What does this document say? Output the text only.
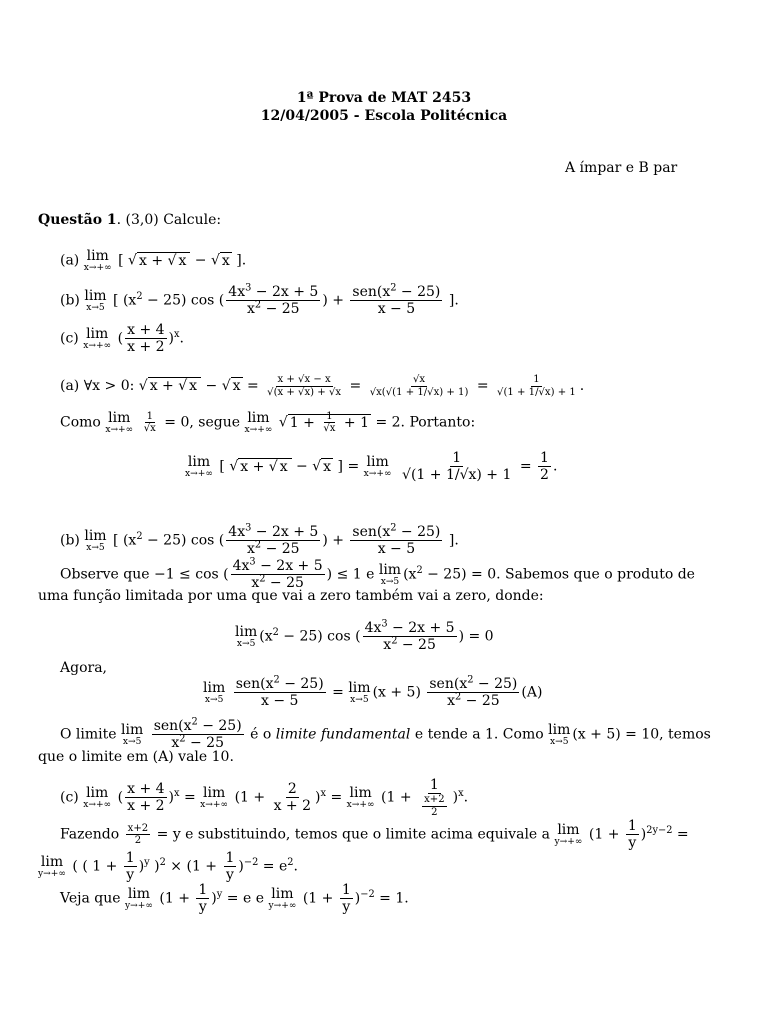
1ª Prova de MAT 2453
12/04/2005 - Escola Politécnica
A ímpar e B par
Questão 1. (3,0) Calcule:
(a) lim
x→+∞ [ √ x + √ x − √ x ].
(b) lim
x→5 [ $(x^2 - 25)$ cos ( $\frac{4x^3 - 2x + 5}{x^2 - 25}$ ) + $\frac{sen(x^2 - 25)}{x - 5}$ ].
(c) lim
x→+∞ ( $\frac{x + 4}{x + 2} )^x$.
(a) ∀x > 0: √ x + √ x − √ $x = \frac{x + √x - x}{√(x + √x) + √x} = \frac{√x}{√x(√(1 + 1/√x) + 1)} = \frac{1}{√(1 + 1/√x) + 1}$ .
Como lim
x→+∞
$\frac{1}{√x} = 0$, segue lim
x→+∞ √ $1 + \frac{1}{√x} + 1 = 2$. Portanto:
lim
x→+∞ [ √ x + √ x − √ x ] = lim
x→+∞
$\frac{1}{√(1 + 1/√x) + 1} = \frac{1}{2}$ .
(b) lim
x→5 [ $(x^2 - 25)$ cos ( $\frac{4x^3 - 2x + 5}{x^2 - 25}$ ) + $\frac{sen(x^2 - 25)}{x - 5}$ ].
Observe que −1 ≤ cos ( $\frac{4x^3 - 2x + 5}{x^2 - 25}$ ) ≤ 1 e lim
x→5 $(x^2 - 25) = 0$. Sabemos que o produto de
uma função limitada por uma que vai a zero também vai a zero, donde:
lim
x→5 $(x^2 - 25)$ cos ( $\frac{4x^3 - 2x + 5}{x^2 - 25}$ ) = 0
Agora,
lim
x→5
$\frac{sen(x^2 - 25)}{x - 5} = \lim$
x→5 $(x + 5) \frac{sen(x^2 - 25)}{x^2 - 25} (A)$
O limite lim
x→5
$\frac{sen(x^2 - 25)}{x^2 - 25}$ é o limite fundamental e tende a 1. Como lim
x→5 (x + 5) = 10, temos
que o limite em (A) vale 10.
(c) lim
x→+∞ ( $\frac{x + 4}{x + 2} )^x = \lim$
x→+∞ $(1 + \frac{2}{x + 2} )^x = \lim$
x→+∞ $(1 + \frac{1}{\frac{x+2}{2}} )^x$.
Fazendo $\frac{x+2}{2} = y$ e substituindo, temos que o limite acima equivale a lim
y→+∞ $(1 + \frac{1}{y} )^{2y-2}$ =
lim
y→+∞ ( ( $1 + \frac{1}{y} )^y$ )$^2 \times (1 + \frac{1}{y} )^{-2} = e^2$.
Veja que lim
y→+∞ $(1 + \frac{1}{y} )^y = e$ e lim
y→+∞ $(1 + \frac{1}{y} )^{-2} = 1$.
